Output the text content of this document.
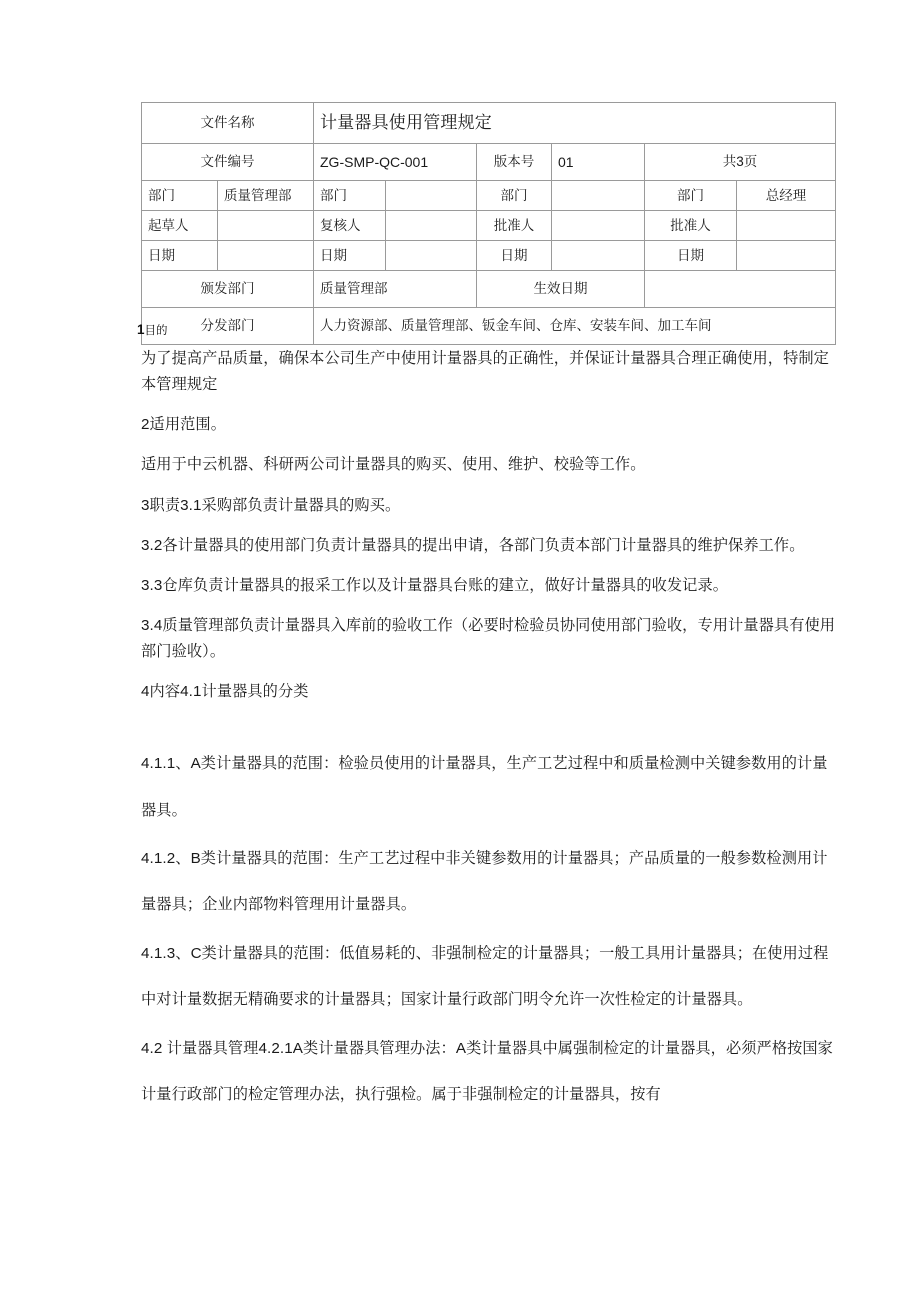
文件名称		计量器具使用管理规定					
文件编号		ZG-SMP-QC-001		版本号	01	共3页	
部门	质量管理部	部门		部门		部门	总经理
起草人		复核人		批准人		批准人	
日期		日期		日期		日期	
颁发部门		质量管理部		生效日期			
分发部门		人力资源部、质量管理部、钣金车间、仓库、安装车间、加工车间					
1目的

为了提高产品质量，确保本公司生产中使用计量器具的正确性，并保证计量器具合理正确使用，特制定本管理规定

2适用范围。

适用于中云机器、科研两公司计量器具的购买、使用、维护、校验等工作。

3职责3.1采购部负责计量器具的购买。

3.2各计量器具的使用部门负责计量器具的提出申请，各部门负责本部门计量器具的维护保养工作。

3.3仓库负责计量器具的报采工作以及计量器具台账的建立，做好计量器具的收发记录。

3.4质量管理部负责计量器具入库前的验收工作（必要时检验员协同使用部门验收，专用计量器具有使用部门验收）。

4内容4.1计量器具的分类

4.1.1、A类计量器具的范围：检验员使用的计量器具，生产工艺过程中和质量检测中关键参数用的计量器具。

4.1.2、B类计量器具的范围：生产工艺过程中非关键参数用的计量器具；产品质量的一般参数检测用计量器具；企业内部物料管理用计量器具。

4.1.3、C类计量器具的范围：低值易耗的、非强制检定的计量器具；一般工具用计量器具；在使用过程中对计量数据无精确要求的计量器具；国家计量行政部门明令允许一次性检定的计量器具。

4.2 计量器具管理4.2.1A类计量器具管理办法：A类计量器具中属强制检定的计量器具，必须严格按国家计量行政部门的检定管理办法，执行强检。属于非强制检定的计量器具，按有
